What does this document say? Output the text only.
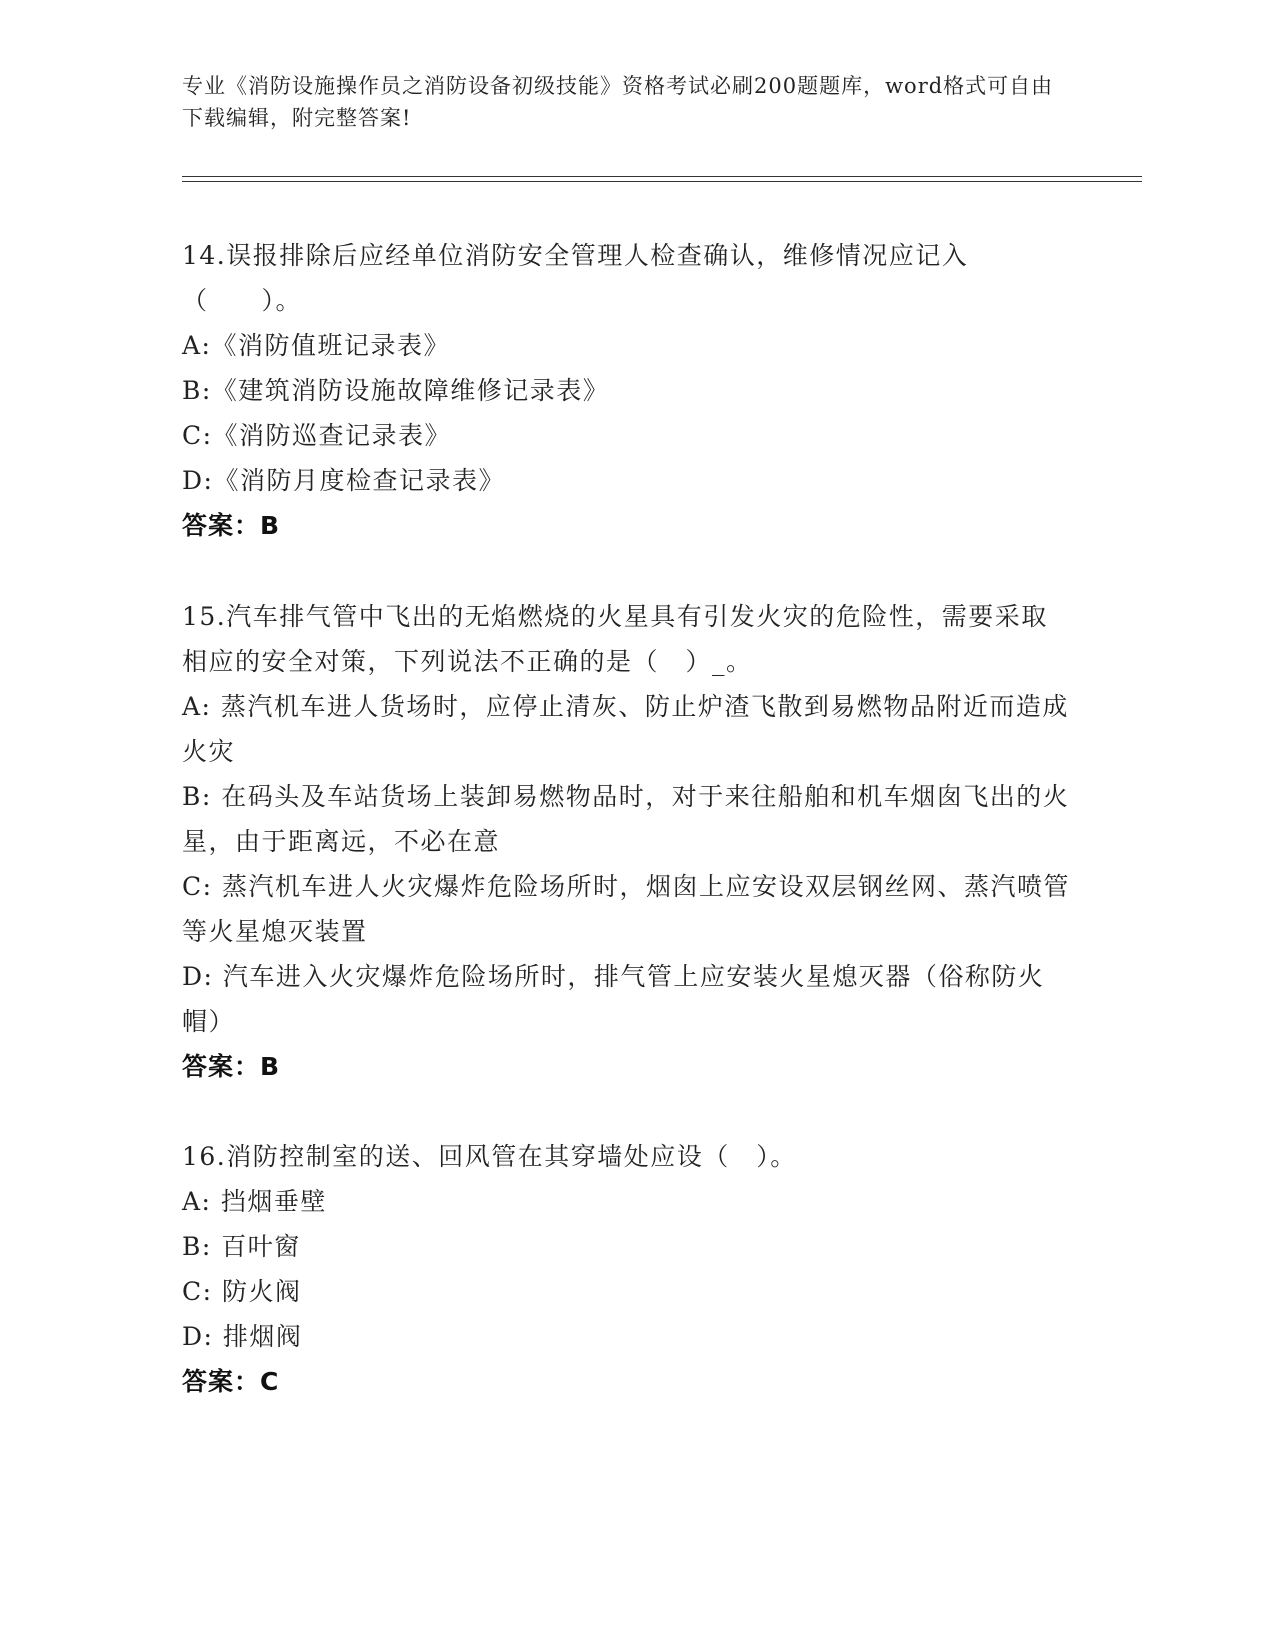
专业《消防设施操作员之消防设备初级技能》资格考试必刷200题题库，word格式可自由下载编辑，附完整答案!
14.误报排除后应经单位消防安全管理人检查确认，维修情况应记入（　　）。
A:《消防值班记录表》
B:《建筑消防设施故障维修记录表》
C:《消防巡查记录表》
D:《消防月度检查记录表》
答案：B
15.汽车排气管中飞出的无焰燃烧的火星具有引发火灾的危险性，需要采取相应的安全对策，下列说法不正确的是（　）_。
A: 蒸汽机车进人货场时，应停止清灰、防止炉渣飞散到易燃物品附近而造成火灾
B: 在码头及车站货场上装卸易燃物品时，对于来往船舶和机车烟囱飞出的火星，由于距离远，不必在意
C: 蒸汽机车进人火灾爆炸危险场所时，烟囱上应安设双层钢丝网、蒸汽喷管等火星熄灭装置
D: 汽车进入火灾爆炸危险场所时，排气管上应安装火星熄灭器（俗称防火帽）
答案：B
16.消防控制室的送、回风管在其穿墙处应设（　）。
A: 挡烟垂壁
B: 百叶窗
C: 防火阀
D: 排烟阀
答案：C
